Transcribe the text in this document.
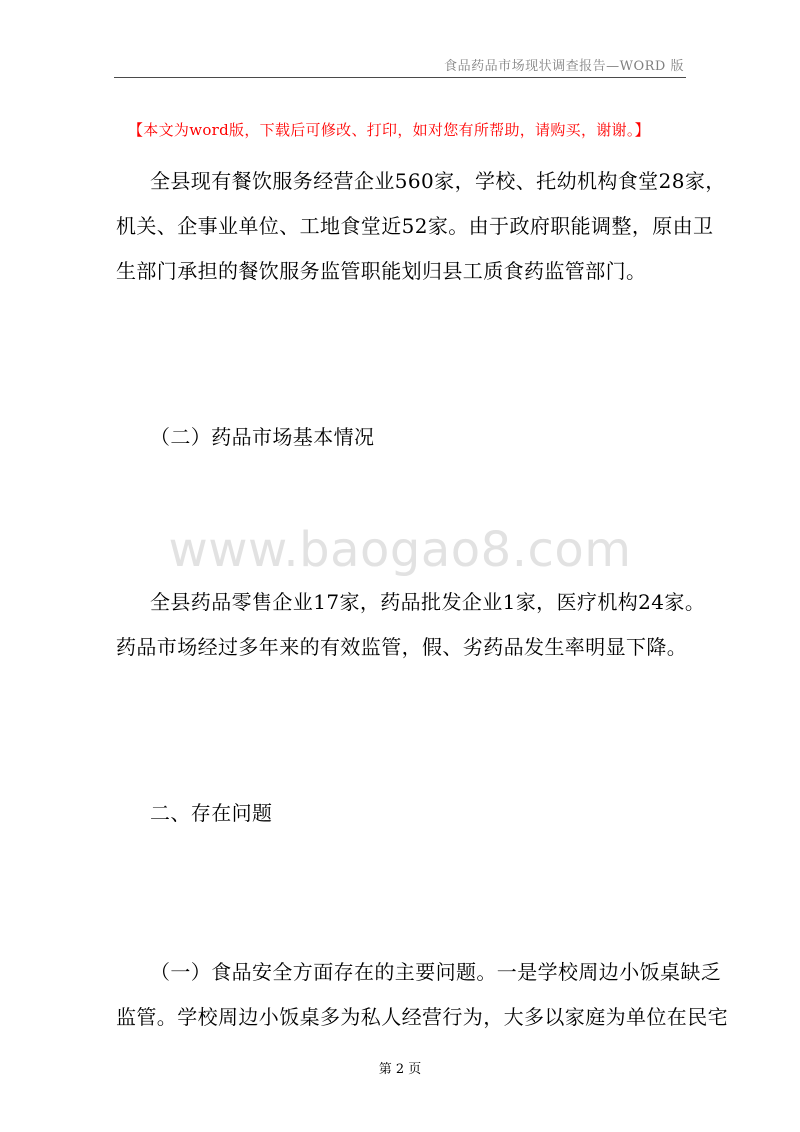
食品药品市场现状调查报告—WORD 版
【本文为word版，下载后可修改、打印，如对您有所帮助，请购买，谢谢。】
全县现有餐饮服务经营企业560家，学校、托幼机构食堂28家，
机关、企事业单位、工地食堂近52家。由于政府职能调整，原由卫
生部门承担的餐饮服务监管职能划归县工质食药监管部门。
（二）药品市场基本情况
www.baogao8.com
全县药品零售企业17家，药品批发企业1家，医疗机构24家。
药品市场经过多年来的有效监管，假、劣药品发生率明显下降。
二、存在问题
（一）食品安全方面存在的主要问题。一是学校周边小饭桌缺乏
监管。学校周边小饭桌多为私人经营行为，大多以家庭为单位在民宅
第 2 页
